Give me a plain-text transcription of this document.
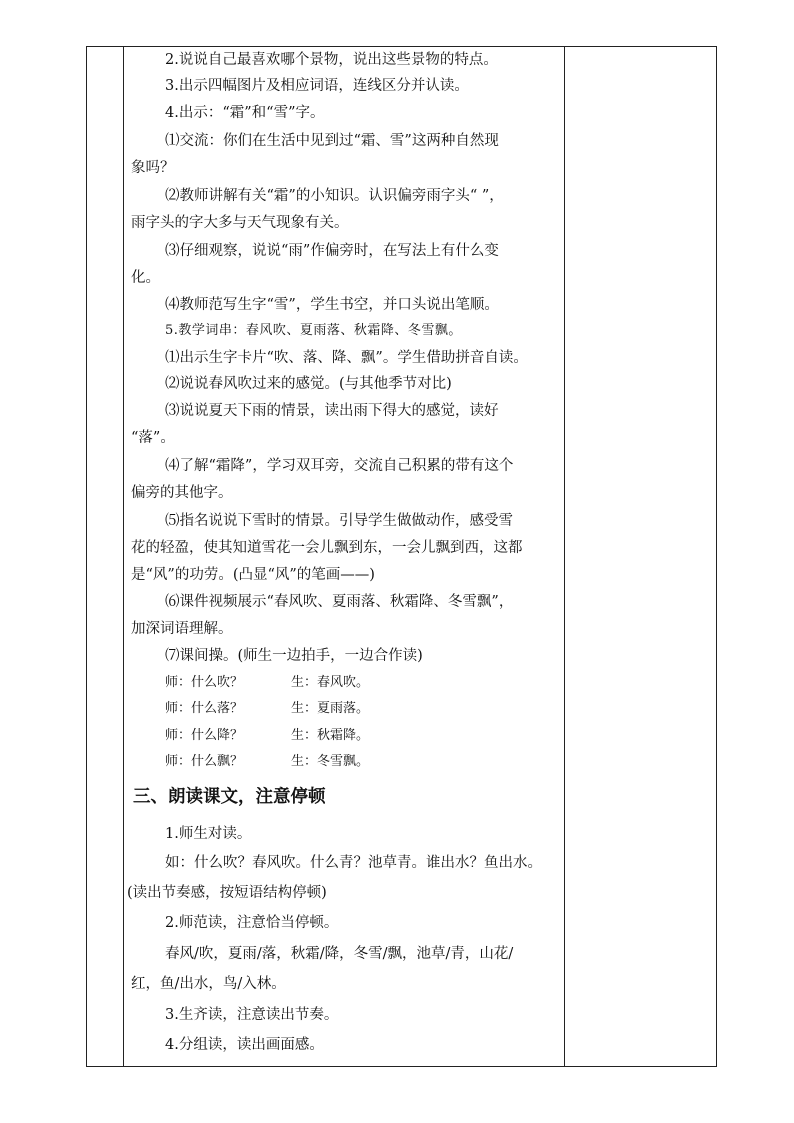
2.说说自己最喜欢哪个景物，说出这些景物的特点。
3.出示四幅图片及相应词语，连线区分并认读。
4.出示：“霜”和“雪”字。
⑴交流：你们在生活中见到过“霜、雪”这两种自然现
象吗？
⑵教师讲解有关“霜”的小知识。认识偏旁雨字头“ ”，
雨字头的字大多与天气现象有关。
⑶仔细观察，说说“雨”作偏旁时，在写法上有什么变
化。
⑷教师范写生字“雪”，学生书空，并口头说出笔顺。
5.教学词串：春风吹、夏雨落、秋霜降、冬雪飘。
⑴出示生字卡片“吹、落、降、飘”。学生借助拼音自读。
⑵说说春风吹过来的感觉。(与其他季节对比)
⑶说说夏天下雨的情景，读出雨下得大的感觉，读好
“落”。
⑷了解“霜降”，学习双耳旁，交流自己积累的带有这个
偏旁的其他字。
⑸指名说说下雪时的情景。引导学生做做动作，感受雪
花的轻盈，使其知道雪花一会儿飘到东，一会儿飘到西，这都
是“风”的功劳。(凸显“风”的笔画——)
⑹课件视频展示“春风吹、夏雨落、秋霜降、冬雪飘”，
加深词语理解。
⑺课间操。(师生一边拍手，一边合作读)
师：什么吹？	生：春风吹。
师：什么落？	生：夏雨落。
师：什么降？	生：秋霜降。
师：什么飘？	生：冬雪飘。
三、朗读课文，注意停顿
1.师生对读。
如：什么吹？春风吹。什么青？池草青。谁出水？鱼出水。
(读出节奏感，按短语结构停顿)
2.师范读，注意恰当停顿。
春风/吹，夏雨/落，秋霜/降，冬雪/飘，池草/青，山花/
红，鱼/出水，鸟/入林。
3.生齐读，注意读出节奏。
4.分组读，读出画面感。
